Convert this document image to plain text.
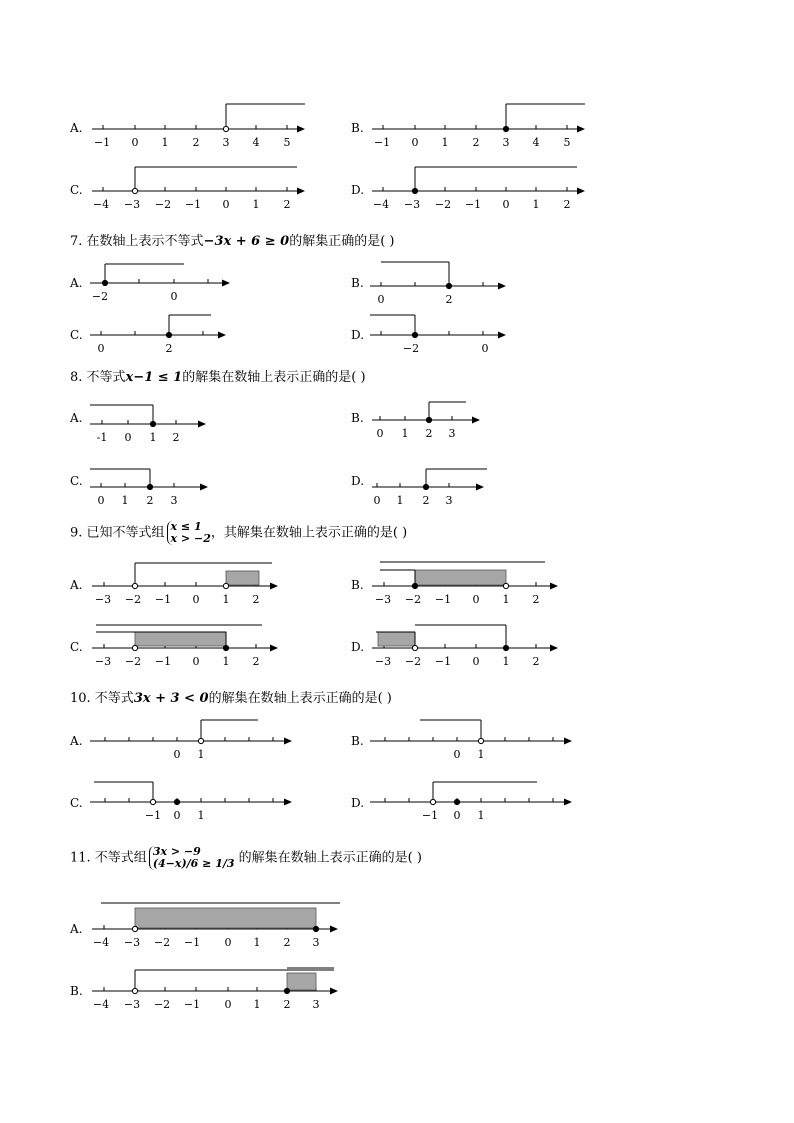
A.	B.
C.	D.
7. 在数轴上表示不等式−3x + 6 ≥ 0的解集正确的是( )
A.	B.
C.	D.
8. 不等式x−1 ≤ 1的解集在数轴上表示正确的是( )
A.	B.
C.	D.
9. 已知不等式组 x ≤ 1
x > −2 ，其解集在数轴上表示正确的是( )
A.	B.
C.	D.
10. 不等式3x + 3 < 0的解集在数轴上表示正确的是( )
A.	B.
C.	D.
11. 不等式组 3x > −9
(4−x)/6 ≥ 1/3 的解集在数轴上表示正确的是( )
A.
B.
−1 0 1 2 3 4 5	−1 0 1 2 3 4 5
−4 −3 −2 −1 0 1 2	−4 −3 −2 −1 0 1 2
−2	0	0	2
0	2	−2	0
-1 0 1 2	0 1 2 3
0 1 2 3	0 1 2 3
−3 −2 −1 0 1 2	−3 −2 −1 0 1 2
−3 −2 −1 0 1 2	−3 −2 −1 0 1 2
0 1	0 1
−1 0 1	−1 0 1
−4 −3 −2 −1 0 1 2 3
−4 −3 −2 −1 0 1 2 3
